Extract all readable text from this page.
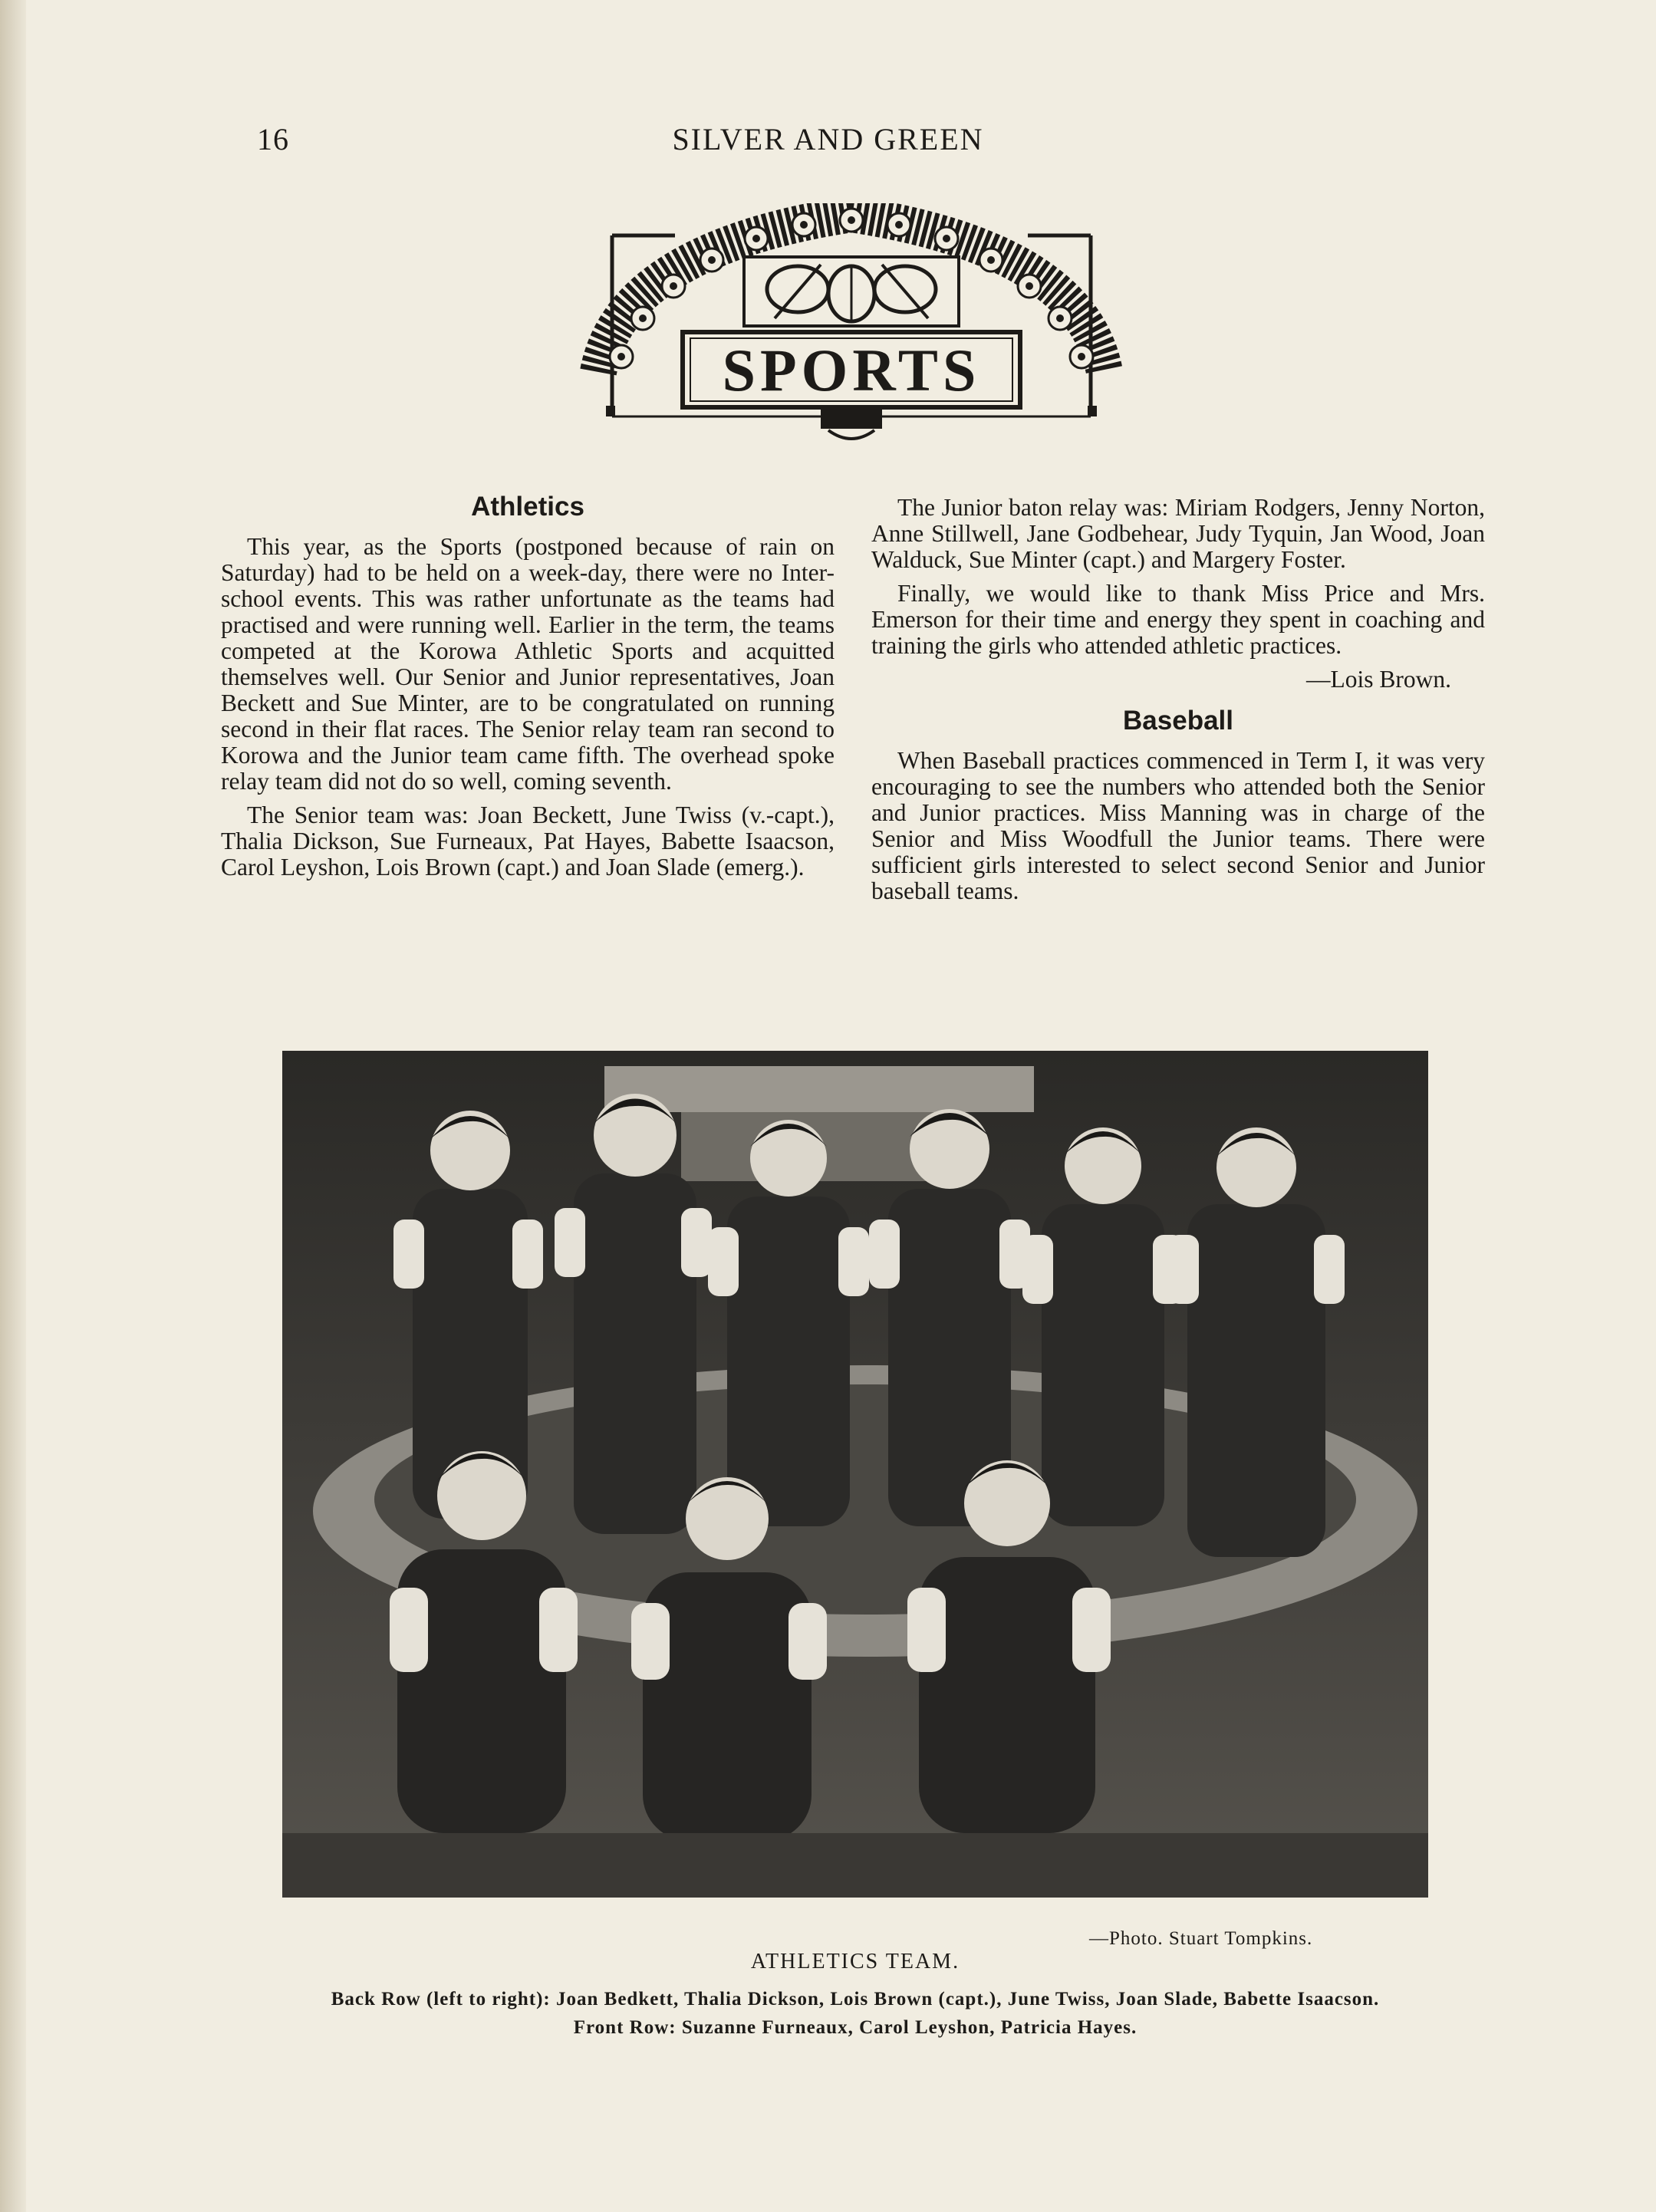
16	SILVER AND GREEN
SPORTS
Athletics

This year, as the Sports (postponed because of rain on Saturday) had to be held on a week-day, there were no Inter-school events. This was rather unfortunate as the teams had practised and were running well. Earlier in the term, the teams competed at the Korowa Athletic Sports and acquitted themselves well. Our Senior and Junior representatives, Joan Beckett and Sue Minter, are to be congratulated on running second in their flat races. The Senior relay team ran second to Korowa and the Junior team came fifth. The overhead spoke relay team did not do so well, coming seventh.

The Senior team was: Joan Beckett, June Twiss (v.-capt.), Thalia Dickson, Sue Furneaux, Pat Hayes, Babette Isaacson, Carol Leyshon, Lois Brown (capt.) and Joan Slade (emerg.).

The Junior baton relay was: Miriam Rodgers, Jenny Norton, Anne Stillwell, Jane Godbehear, Judy Tyquin, Jan Wood, Joan Walduck, Sue Minter (capt.) and Margery Foster.

Finally, we would like to thank Miss Price and Mrs. Emerson for their time and energy they spent in coaching and training the girls who attended athletic practices.

—Lois Brown.
Baseball

When Baseball practices commenced in Term I, it was very encouraging to see the numbers who attended both the Senior and Junior practices. Miss Manning was in charge of the Senior and Miss Woodfull the Junior teams. There were sufficient girls interested to select second Senior and Junior baseball teams.

—Photo. Stuart Tompkins.
ATHLETICS TEAM.
Back Row (left to right): Joan Bedkett, Thalia Dickson, Lois Brown (capt.), June Twiss, Joan Slade, Babette Isaacson.
Front Row: Suzanne Furneaux, Carol Leyshon, Patricia Hayes.
